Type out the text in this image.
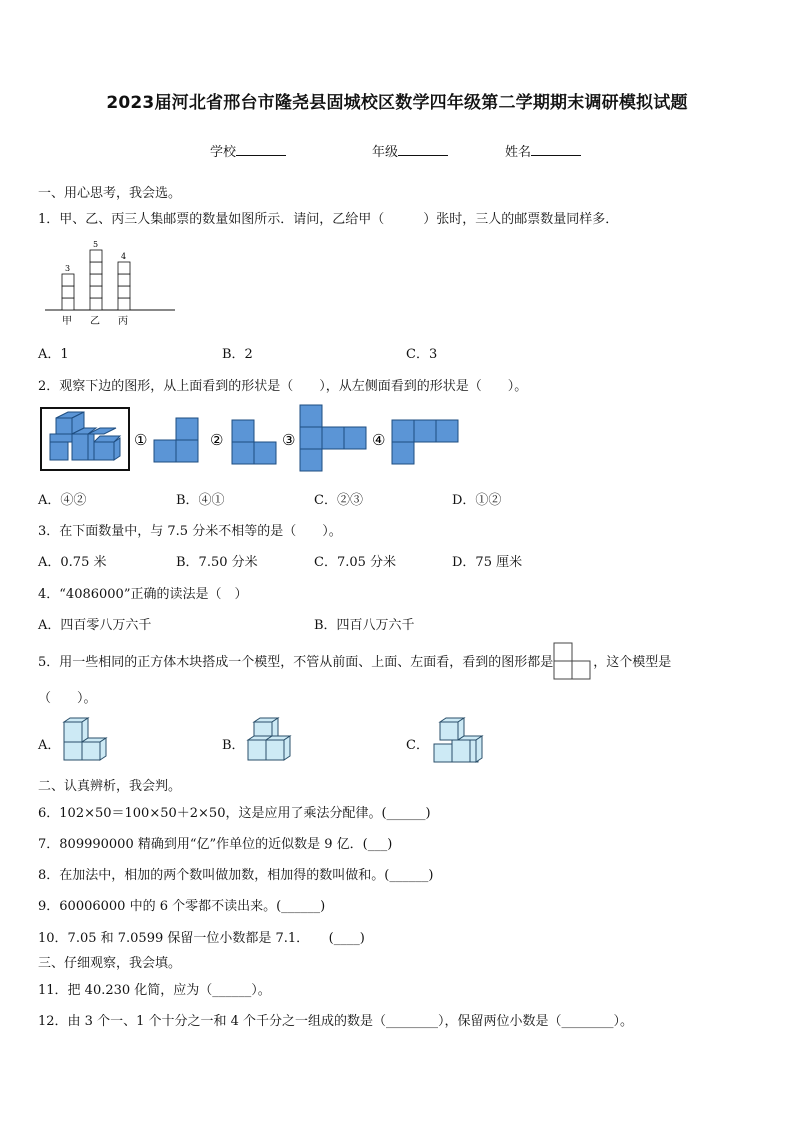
2023届河北省邢台市隆尧县固城校区数学四年级第二学期期末调研模拟试题
学校	年级	姓名
一、用心思考，我会选。
1．甲、乙、丙三人集邮票的数量如图所示．请问，乙给甲（　　　）张时，三人的邮票数量同样多．
3
甲
5
乙
4
丙
A．1	B．2	C．3
2．观察下边的图形，从上面看到的形状是（　　），从左侧面看到的形状是（　　）。
①	②	③	④
A．④②	B．④①	C．②③	D．①②
3．在下面数量中，与 7.5 分米不相等的是（　　）。
A．0.75 米	B．7.50 分米	C．7.05 分米	D．75 厘米
4．“4086000”正确的读法是（　）
A．四百零八万六千	B．四百八万六千
5．用一些相同的正方体木块搭成一个模型，不管从前面、上面、左面看，看到的图形都是	，这个模型是
（　　）。
A．	B．	C．
二、认真辨析，我会判。
6．102×50＝100×50＋2×50，这是应用了乘法分配律。(______)
7．809990000 精确到用“亿”作单位的近似数是 9 亿．(___)
8．在加法中，相加的两个数叫做加数，相加得的数叫做和。(______)
9．60006000 中的 6 个零都不读出来。(______)
10．7.05 和 7.0599 保留一位小数都是 7.1．　　(____)
三、仔细观察，我会填。
11．把 40.230 化简，应为（______）。
12．由 3 个一、1 个十分之一和 4 个千分之一组成的数是（________），保留两位小数是（________）。
